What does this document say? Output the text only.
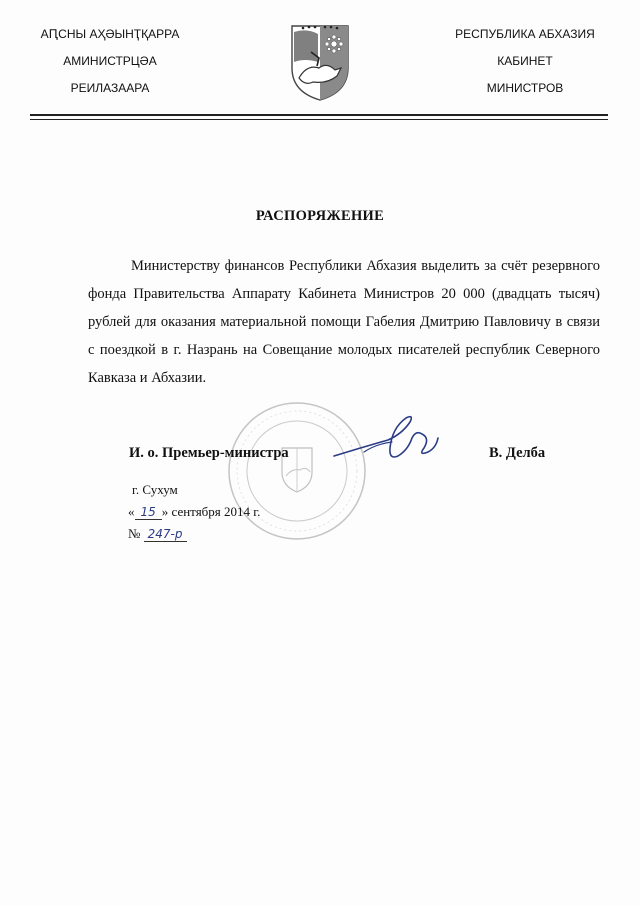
АԤСНЫ АҲӘЫНҬҚАРРА
АМИНИСТРЦӘА
РЕИЛАЗААРА
РЕСПУБЛИКА АБХАЗИЯ
КАБИНЕТ
МИНИСТРОВ
РАСПОРЯЖЕНИЕ
Министерству финансов Республики Абхазия выделить за счёт резервного фонда Правительства Аппарату Кабинета Министров 20 000 (двадцать тысяч) рублей для оказания материальной помощи Габелия Дмитрию Павловичу в связи с поездкой в г. Назрань на Совещание молодых писателей республик Северного Кавказа и Абхазии.
И. о. Премьер-министра	В. Делба
г. Сухум
« 15 » сентября 2014 г.
№ 247-р
